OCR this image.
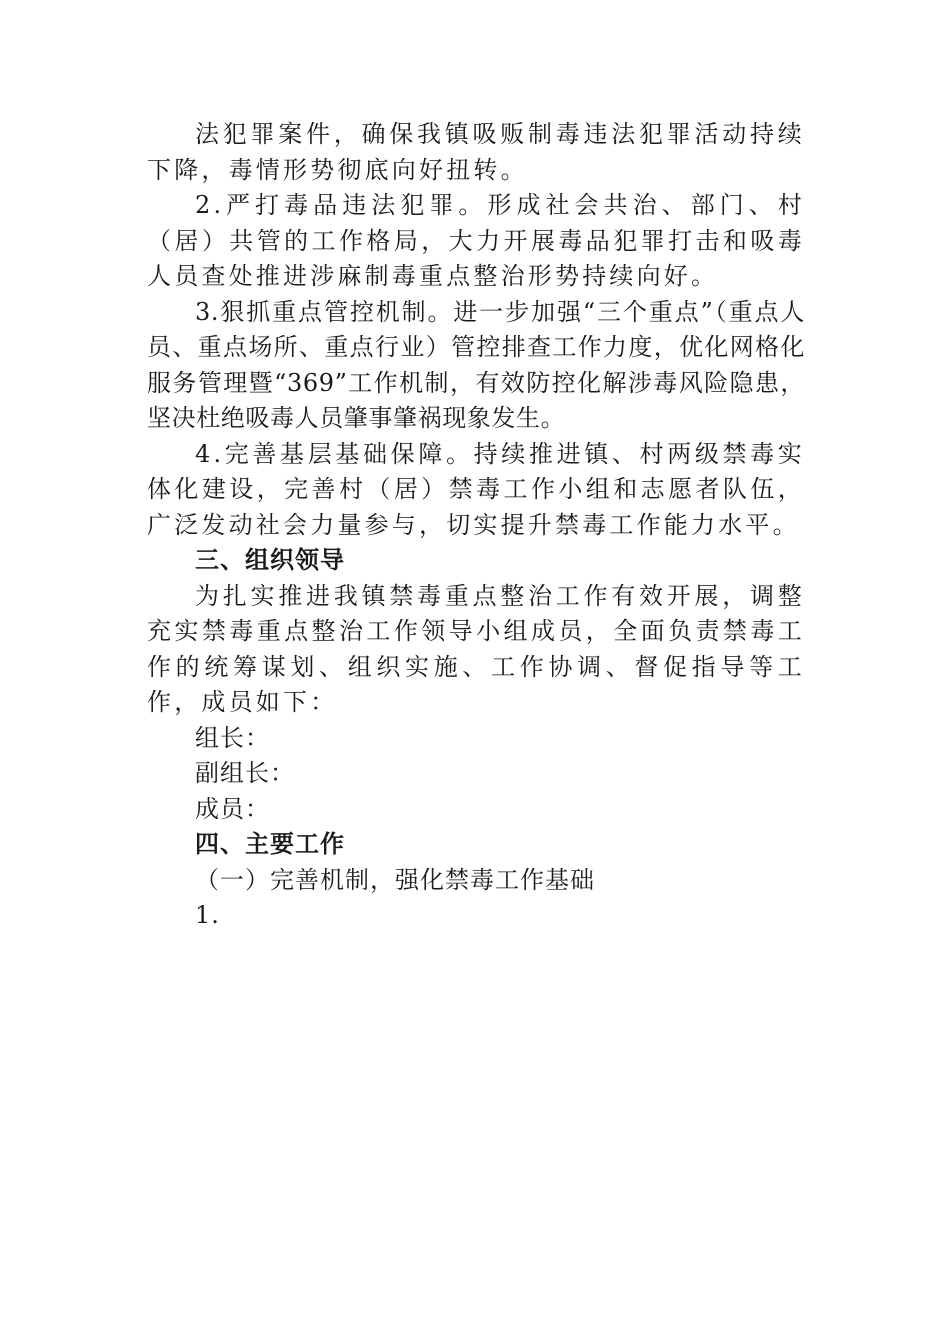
法犯罪案件，确保我镇吸贩制毒违法犯罪活动持续下降，毒情形势彻底向好扭转。

2.严打毒品违法犯罪。形成社会共治、部门、村（居）共管的工作格局，大力开展毒品犯罪打击和吸毒人员查处推进涉麻制毒重点整治形势持续向好。

3.狠抓重点管控机制。进一步加强“三个重点”（重点人员、重点场所、重点行业）管控排查工作力度，优化网格化服务管理暨“369”工作机制，有效防控化解涉毒风险隐患，坚决杜绝吸毒人员肇事肇祸现象发生。

4.完善基层基础保障。持续推进镇、村两级禁毒实体化建设，完善村（居）禁毒工作小组和志愿者队伍，广泛发动社会力量参与，切实提升禁毒工作能力水平。

三、组织领导

为扎实推进我镇禁毒重点整治工作有效开展，调整充实禁毒重点整治工作领导小组成员，全面负责禁毒工作的统筹谋划、组织实施、工作协调、督促指导等工作，成员如下：

组长：

副组长：

成员：

四、主要工作

（一）完善机制，强化禁毒工作基础

1.
